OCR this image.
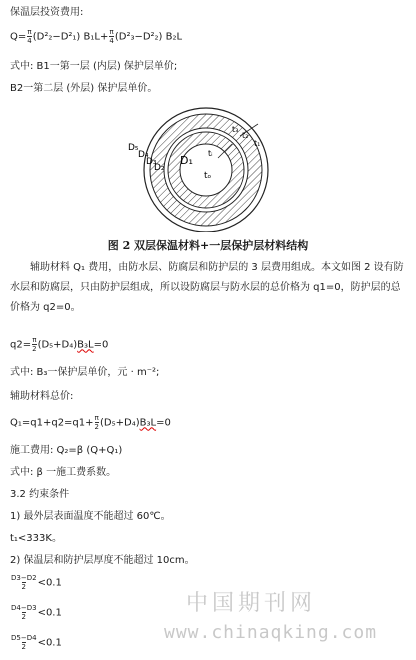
保温层投资费用:
$Q= \frac{\pi}{4} (D^2_2-D^2_1)$ $B_1L+ \frac{\pi}{4} (D^2_3-D^2_2)$ B₂L
式中: B1一第一层 (内层) 保护层单价;
B2一第二层 (外层) 保护层单价。
D₅
D₄
D₃
D₂
D₁
tₒ
tᵢ
t₃
t₂
t₁
图 2 双层保温材料+一层保护层材料结构
辅助材料 Q₁ 费用，由防水层、防腐层和防护层的 3 层费用组成。本文如图 2 设有防水层和防腐层，只由防护层组成，所以设防腐层与防水层的总价格为 q1=0，防护层的总价格为 q2=0。
$q2= \frac{\pi}{2} (D_5+D_4)B_3L=0$
式中: B₃一保护层单价，元 · m⁻²;
辅助材料总价:
$Q_1=q1+q2=q1+ \frac{\pi}{2} (D_5+D_4)B_3L=0$
施工费用: Q₂=β (Q+Q₁)
式中: β 一施工费系数。
3.2 约束条件
1) 最外层表面温度不能超过 60℃。
t₁<333K。
2) 保温层和防护层厚度不能超过 10cm。
$\frac{D3-D2}{2} <0.1$
$\frac{D4-D3}{2} <0.1$
$\frac{D5-D4}{2} <0.1$
中国期刊网
www.chinaqking.com
